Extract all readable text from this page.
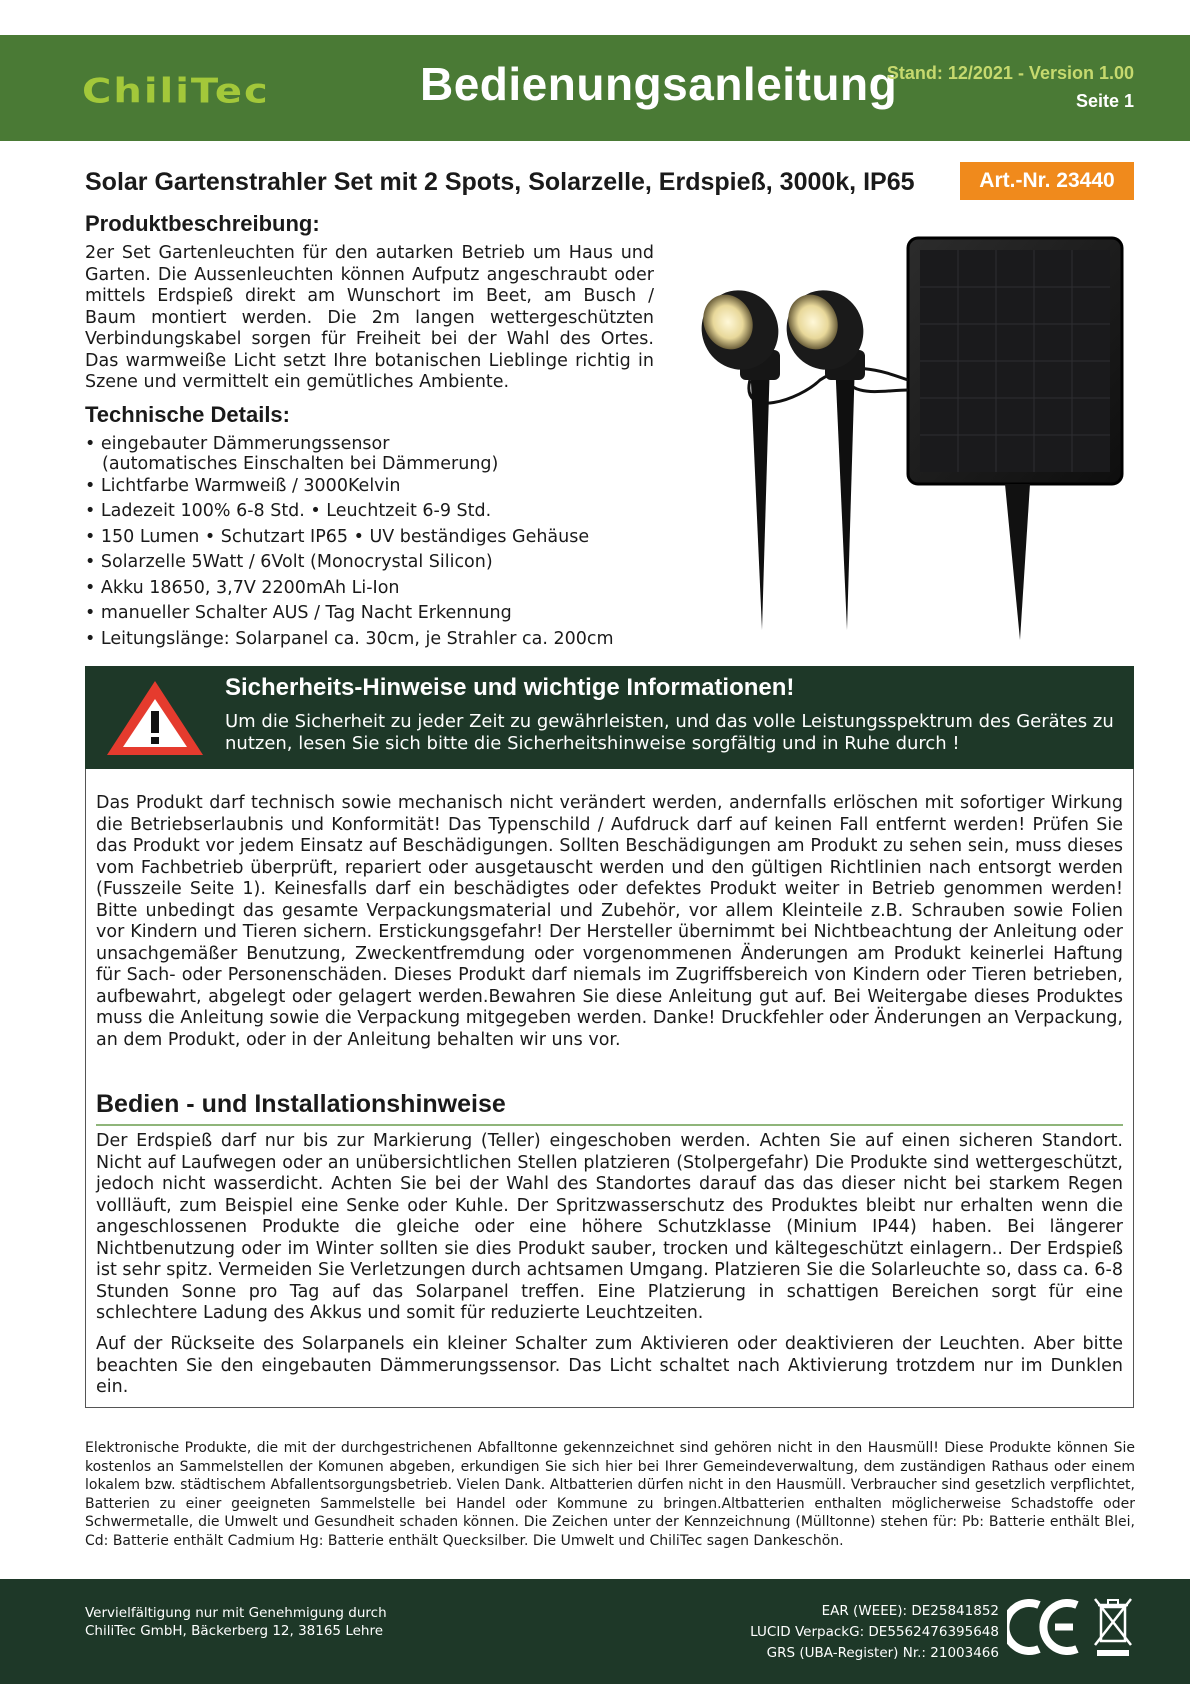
ChiliTec	Bedienungsanleitung
Stand: 12/2021 - Version 1.00
Seite 1
Solar Gartenstrahler Set mit 2 Spots, Solarzelle, Erdspieß, 3000k, IP65	Art.-Nr. 23440
Produktbeschreibung:

2er Set Gartenleuchten für den autarken Betrieb um Haus und Garten. Die Aussenleuchten können Aufputz angeschraubt oder mittels Erdspieß direkt am Wunschort im Beet, am Busch / Baum montiert werden. Die 2m langen wettergeschützten Verbindungskabel sorgen für Freiheit bei der Wahl des Ortes. Das warmweiße Licht setzt Ihre botanischen Lieblinge richtig in Szene und vermittelt ein gemütliches Ambiente.

Technische Details:
• eingebauter Dämmerungssensor
(automatisches Einschalten bei Dämmerung)
• Lichtfarbe Warmweiß / 3000Kelvin
• Ladezeit 100% 6-8 Std. • Leuchtzeit 6-9 Std.
• 150 Lumen • Schutzart IP65 • UV beständiges Gehäuse
• Solarzelle 5Watt / 6Volt (Monocrystal Silicon)
• Akku 18650, 3,7V 2200mAh Li-Ion
• manueller Schalter AUS / Tag Nacht Erkennung
• Leitungslänge: Solarpanel ca. 30cm, je Strahler ca. 200cm
Sicherheits-Hinweise und wichtige Informationen!

Um die Sicherheit zu jeder Zeit zu gewährleisten, und das volle Leistungsspektrum des Gerätes zu nutzen, lesen Sie sich bitte die Sicherheitshinweise sorgfältig und in Ruhe durch !

Das Produkt darf technisch sowie mechanisch nicht verändert werden, andernfalls erlöschen mit sofortiger Wirkung die Betriebserlaubnis und Konformität! Das Typenschild / Aufdruck darf auf keinen Fall entfernt werden! Prüfen Sie das Produkt vor jedem Einsatz auf Beschädigungen. Sollten Beschädigungen am Produkt zu sehen sein, muss dieses vom Fachbetrieb überprüft, repariert oder ausgetauscht werden und den gültigen Richtlinien nach entsorgt werden (Fusszeile Seite 1). Keinesfalls darf ein beschädigtes oder defektes Produkt weiter in Betrieb genommen werden! Bitte unbedingt das gesamte Verpackungsmaterial und Zubehör, vor allem Kleinteile z.B. Schrauben sowie Folien vor Kindern und Tieren sichern. Erstickungsgefahr! Der Hersteller übernimmt bei Nichtbeachtung der Anleitung oder unsachgemäßer Benutzung, Zweckentfremdung oder vorgenommenen Änderungen am Produkt keinerlei Haftung für Sach- oder Personenschäden. Dieses Produkt darf niemals im Zugriffsbereich von Kindern oder Tieren betrieben, aufbewahrt, abgelegt oder gelagert werden.Bewahren Sie diese Anleitung gut auf. Bei Weitergabe dieses Produktes muss die Anleitung sowie die Verpackung mitgegeben werden. Danke! Druckfehler oder Änderungen an Verpackung, an dem Produkt, oder in der Anleitung behalten wir uns vor.

Bedien - und Installationshinweise

Der Erdspieß darf nur bis zur Markierung (Teller) eingeschoben werden. Achten Sie auf einen sicheren Standort. Nicht auf Laufwegen oder an unübersichtlichen Stellen platzieren (Stolpergefahr) Die Produkte sind wettergeschützt, jedoch nicht wasserdicht. Achten Sie bei der Wahl des Standortes darauf das das dieser nicht bei starkem Regen vollläuft, zum Beispiel eine Senke oder Kuhle. Der Spritzwasserschutz des Produktes bleibt nur erhalten wenn die angeschlossenen Produkte die gleiche oder eine höhere Schutzklasse (Minium IP44) haben. Bei längerer Nichtbenutzung oder im Winter sollten sie dies Produkt sauber, trocken und kältegeschützt einlagern.. Der Erdspieß ist sehr spitz. Vermeiden Sie Verletzungen durch achtsamen Umgang. Platzieren Sie die Solarleuchte so, dass ca. 6-8 Stunden Sonne pro Tag auf das Solarpanel treffen. Eine Platzierung in schattigen Bereichen sorgt für eine schlechtere Ladung des Akkus und somit für reduzierte Leuchtzeiten.

Auf der Rückseite des Solarpanels ein kleiner Schalter zum Aktivieren oder deaktivieren der Leuchten. Aber bitte beachten Sie den eingebauten Dämmerungssensor. Das Licht schaltet nach Aktivierung trotzdem nur im Dunklen ein.

Elektronische Produkte, die mit der durchgestrichenen Abfalltonne gekennzeichnet sind gehören nicht in den Hausmüll! Diese Produkte können Sie kostenlos an Sammelstellen der Komunen abgeben, erkundigen Sie sich hier bei Ihrer Gemeindeverwaltung, dem zuständigen Rathaus oder einem lokalem bzw. städtischem Abfallentsorgungsbetrieb. Vielen Dank. Altbatterien dürfen nicht in den Hausmüll. Verbraucher sind gesetzlich verpflichtet, Batterien zu einer geeigneten Sammelstelle bei Handel oder Kommune zu bringen.Altbatterien enthalten möglicherweise Schadstoffe oder Schwermetalle, die Umwelt und Gesundheit schaden können. Die Zeichen unter der Kennzeichnung (Mülltonne) stehen für: Pb: Batterie enthält Blei, Cd: Batterie enthält Cadmium Hg: Batterie enthält Quecksilber. Die Umwelt und ChiliTec sagen Dankeschön.

Vervielfältigung nur mit Genehmigung durch
ChiliTec GmbH, Bäckerberg 12, 38165 Lehre
EAR (WEEE): DE25841852
LUCID VerpackG: DE5562476395648
GRS (UBA-Register) Nr.: 21003466
